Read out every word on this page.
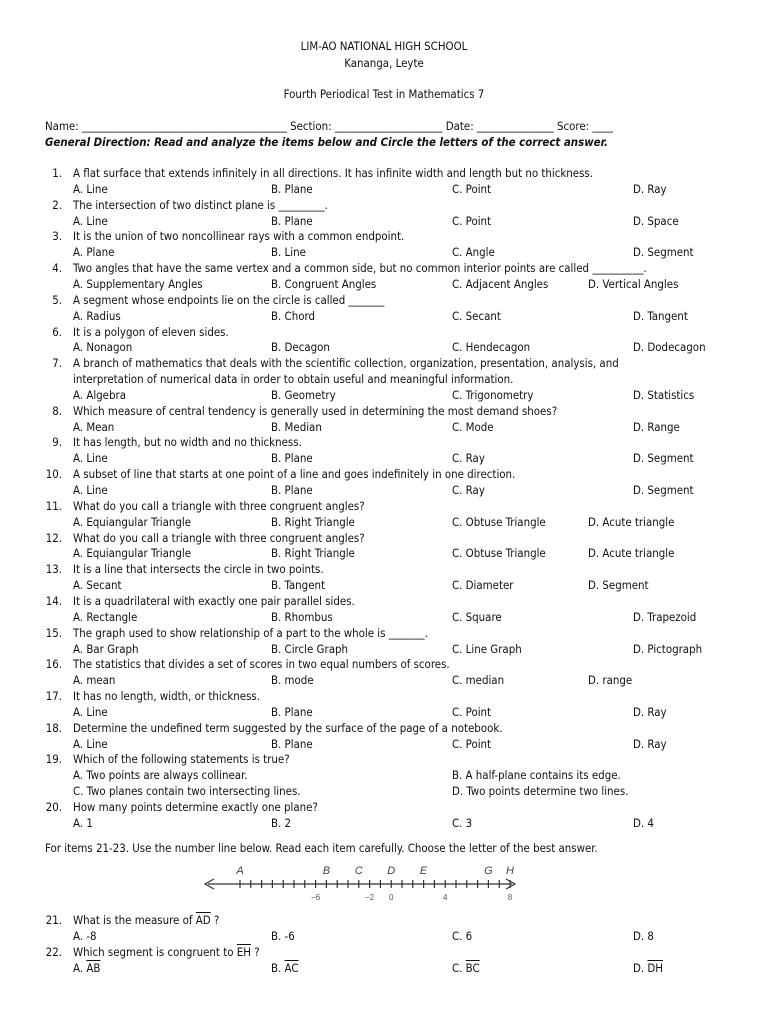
LIM-AO NATIONAL HIGH SCHOOL
Kananga, Leyte
Fourth Periodical Test in Mathematics 7
Name: ________________________________________ Section: _____________________ Date: _______________ Score: ____
General Direction: Read and analyze the items below and Circle the letters of the correct answer.
1. A flat surface that extends infinitely in all directions. It has infinite width and length but no thickness.
A. Line	B. Plane	C. Point	D. Ray
2. The intersection of two distinct plane is _________.
A. Line	B. Plane	C. Point	D. Space
3. It is the union of two noncollinear rays with a common endpoint.
A. Plane	B. Line	C. Angle	D. Segment
4. Two angles that have the same vertex and a common side, but no common interior points are called __________.
A. Supplementary Angles	B. Congruent Angles	C. Adjacent Angles	D. Vertical Angles
5. A segment whose endpoints lie on the circle is called _______
A. Radius	B. Chord	C. Secant	D. Tangent
6. It is a polygon of eleven sides.
A. Nonagon	B. Decagon	C. Hendecagon	D. Dodecagon
7. A branch of mathematics that deals with the scientific collection, organization, presentation, analysis, and
interpretation of numerical data in order to obtain useful and meaningful information.
A. Algebra	B. Geometry	C. Trigonometry	D. Statistics
8. Which measure of central tendency is generally used in determining the most demand shoes?
A. Mean	B. Median	C. Mode	D. Range
9. It has length, but no width and no thickness.
A. Line	B. Plane	C. Ray	D. Segment
10. A subset of line that starts at one point of a line and goes indefinitely in one direction.
A. Line	B. Plane	C. Ray	D. Segment
11. What do you call a triangle with three congruent angles?
A. Equiangular Triangle	B. Right Triangle	C. Obtuse Triangle	D. Acute triangle
12. What do you call a triangle with three congruent angles?
A. Equiangular Triangle	B. Right Triangle	C. Obtuse Triangle	D. Acute triangle
13. It is a line that intersects the circle in two points.
A. Secant	B. Tangent	C. Diameter	D. Segment
14. It is a quadrilateral with exactly one pair parallel sides.
A. Rectangle	B. Rhombus	C. Square	D. Trapezoid
15. The graph used to show relationship of a part to the whole is _______.
A. Bar Graph	B. Circle Graph	C. Line Graph	D. Pictograph
16. The statistics that divides a set of scores in two equal numbers of scores.
A. mean	B. mode	C. median	D. range
17. It has no length, width, or thickness.
A. Line	B. Plane	C. Point	D. Ray
18. Determine the undefined term suggested by the surface of the page of a notebook.
A. Line	B. Plane	C. Point	D. Ray
19. Which of the following statements is true?
A. Two points are always collinear.	B. A half-plane contains its edge.
C. Two planes contain two intersecting lines.	D. Two points determine two lines.
20. How many points determine exactly one plane?
A. 1	B. 2	C. 3	D. 4
For items 21-23. Use the number line below. Read each item carefully. Choose the letter of the best answer.
A	B C D E	G H
−6	−2 0	4	8
21. What is the measure of $\overline{AD}$ ?
A. -8	B. -6	C. 6	D. 8
22. Which segment is congruent to $\overline{EH}$ ?
A. $\overline{AB}$	B. $\overline{AC}$	C. $\overline{BC}$	D. $\overline{DH}$
